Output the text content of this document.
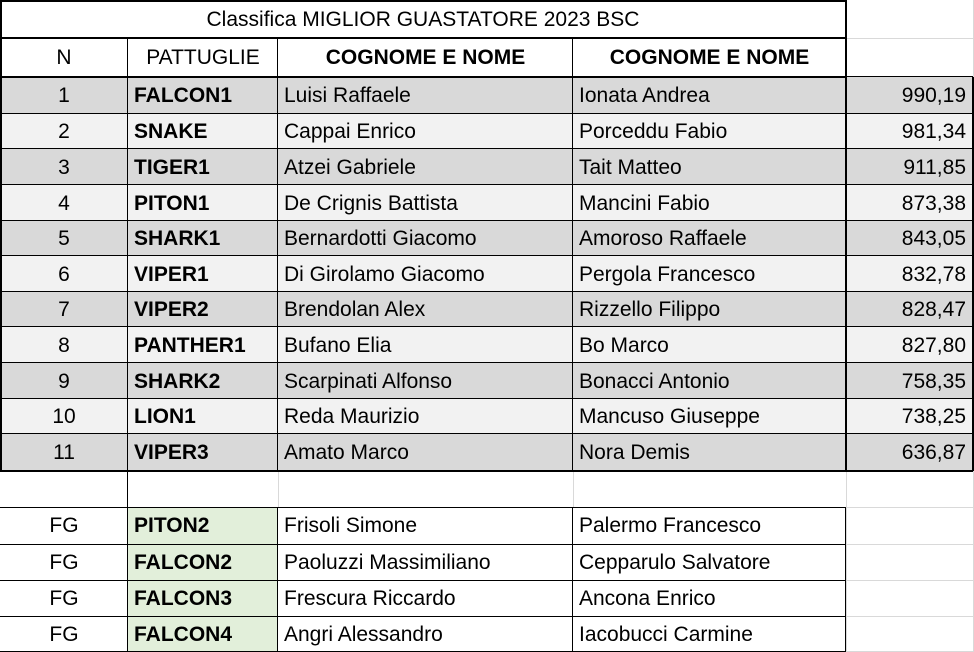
Classifica MIGLIOR GUASTATORE 2023 BSC
N	PATTUGLIE	COGNOME E NOME	COGNOME E NOME
1	FALCON1	Luisi Raffaele	Ionata Andrea	990,19
2	SNAKE	Cappai Enrico	Porceddu Fabio	981,34
3	TIGER1	Atzei Gabriele	Tait Matteo	911,85
4	PITON1	De Crignis Battista	Mancini Fabio	873,38
5	SHARK1	Bernardotti Giacomo	Amoroso Raffaele	843,05
6	VIPER1	Di Girolamo Giacomo	Pergola Francesco	832,78
7	VIPER2	Brendolan Alex	Rizzello Filippo	828,47
8	PANTHER1	Bufano Elia	Bo Marco	827,80
9	SHARK2	Scarpinati Alfonso	Bonacci Antonio	758,35
10	LION1	Reda Maurizio	Mancuso Giuseppe	738,25
11	VIPER3	Amato Marco	Nora Demis	636,87
FG	PITON2	Frisoli Simone	Palermo Francesco
FG	FALCON2	Paoluzzi Massimiliano	Cepparulo Salvatore
FG	FALCON3	Frescura Riccardo	Ancona Enrico
FG	FALCON4	Angri Alessandro	Iacobucci Carmine
